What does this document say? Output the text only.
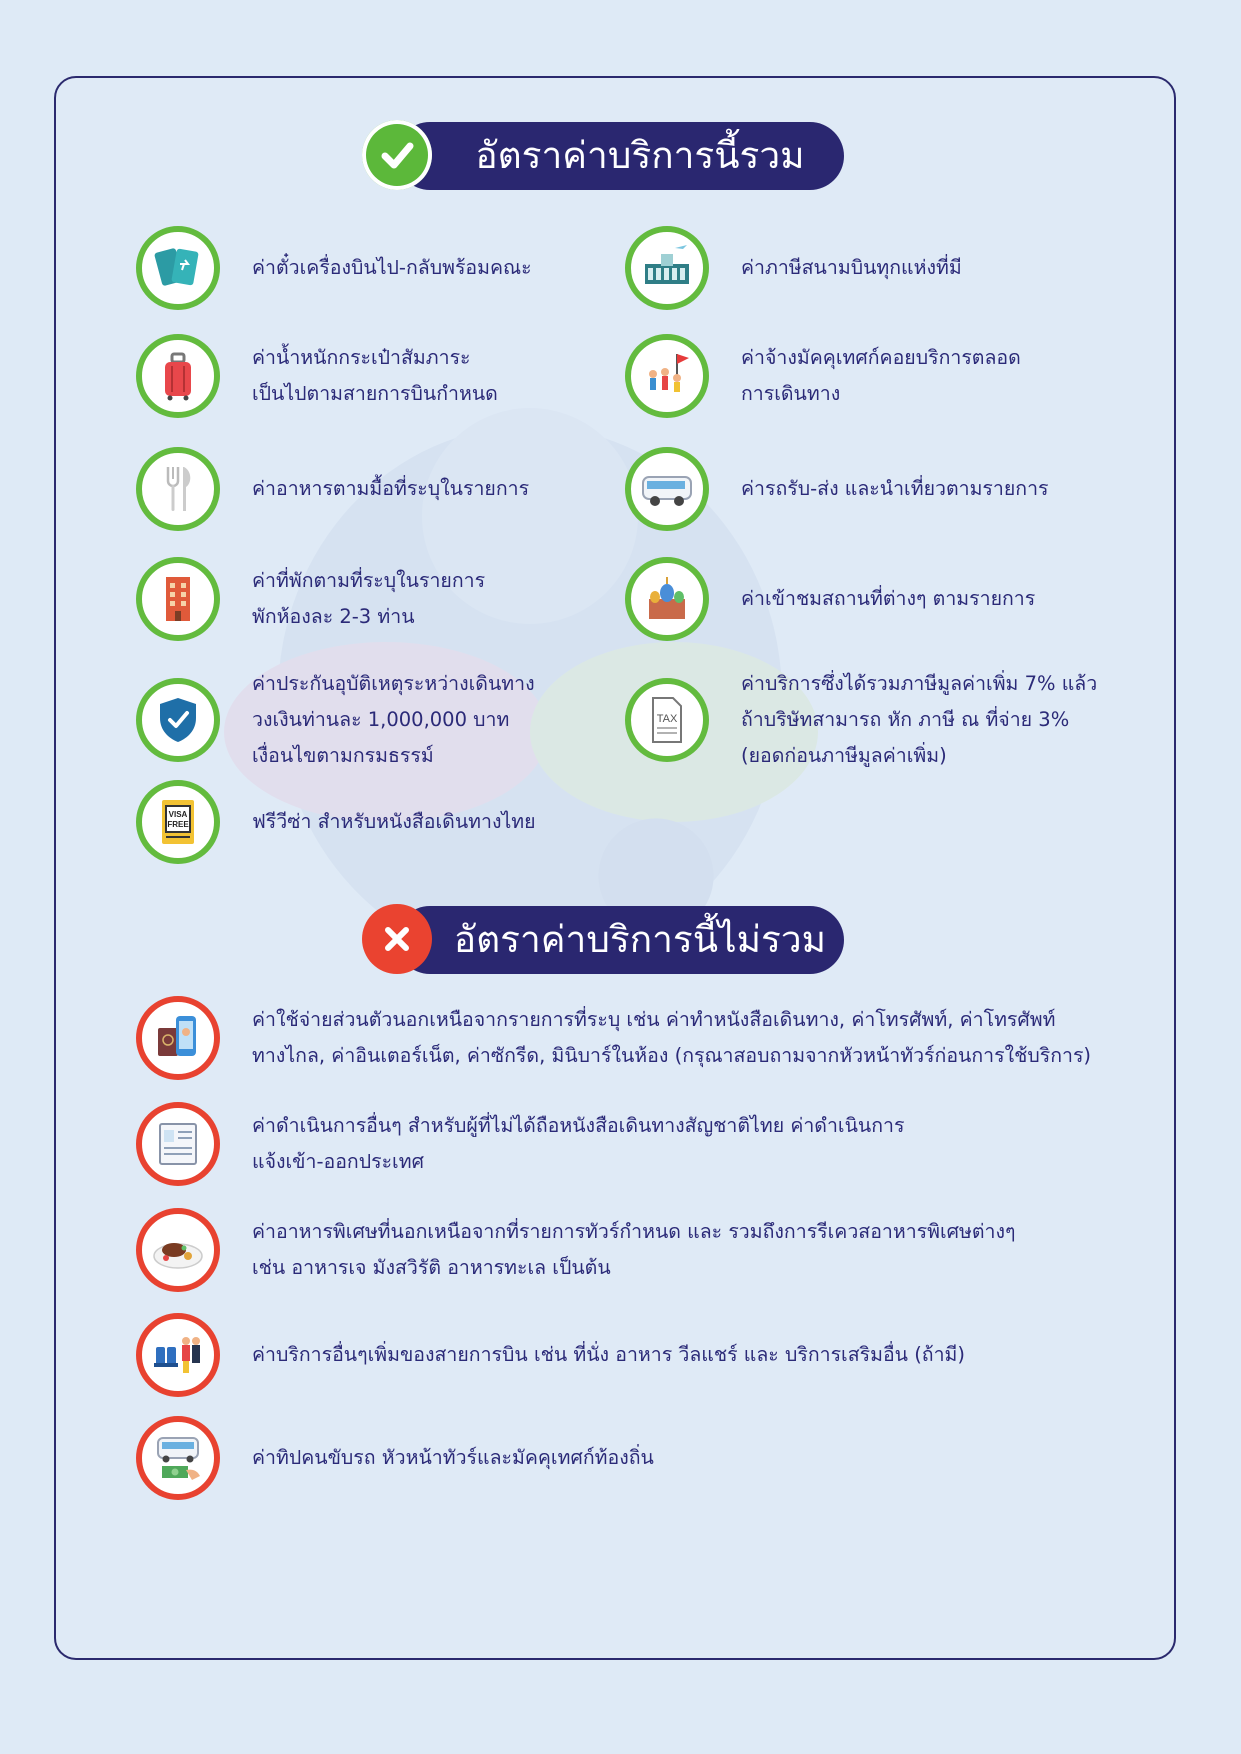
อัตราค่าบริการนี้รวม
ค่าตั๋วเครื่องบินไป-กลับพร้อมคณะ	ค่าภาษีสนามบินทุกแห่งที่มี
ค่าน้ำหนักกระเป๋าสัมภาระ
เป็นไปตามสายการบินกำหนด
ค่าจ้างมัคคุเทศก์คอยบริการตลอด
การเดินทาง
ค่าอาหารตามมื้อที่ระบุในรายการ	ค่ารถรับ-ส่ง และนำเที่ยวตามรายการ
ค่าที่พักตามที่ระบุในรายการ
พักห้องละ 2-3 ท่าน
ค่าเข้าชมสถานที่ต่างๆ ตามรายการ
ค่าประกันอุบัติเหตุระหว่างเดินทาง
วงเงินท่านละ 1,000,000 บาท
เงื่อนไขตามกรมธรรม์
TAX
ค่าบริการซึ่งได้รวมภาษีมูลค่าเพิ่ม 7% แล้ว
ถ้าบริษัทสามารถ หัก ภาษี ณ ที่จ่าย 3%
(ยอดก่อนภาษีมูลค่าเพิ่ม)
VISA
FREE	ฟรีวีซ่า สำหรับหนังสือเดินทางไทย
อัตราค่าบริการนี้ไม่รวม
ค่าใช้จ่ายส่วนตัวนอกเหนือจากรายการที่ระบุ เช่น ค่าทำหนังสือเดินทาง, ค่าโทรศัพท์, ค่าโทรศัพท์
ทางไกล, ค่าอินเตอร์เน็ต, ค่าซักรีด, มินิบาร์ในห้อง (กรุณาสอบถามจากหัวหน้าทัวร์ก่อนการใช้บริการ)
ค่าดำเนินการอื่นๆ สำหรับผู้ที่ไม่ได้ถือหนังสือเดินทางสัญชาติไทย ค่าดำเนินการ
แจ้งเข้า-ออกประเทศ
ค่าอาหารพิเศษที่นอกเหนือจากที่รายการทัวร์กำหนด และ รวมถึงการรีเควสอาหารพิเศษต่างๆ
เช่น อาหารเจ มังสวิรัติ อาหารทะเล เป็นต้น
ค่าบริการอื่นๆเพิ่มของสายการบิน เช่น ที่นั่ง อาหาร วีลแชร์ และ บริการเสริมอื่น (ถ้ามี)
ค่าทิปคนขับรถ หัวหน้าทัวร์และมัคคุเทศก์ท้องถิ่น
